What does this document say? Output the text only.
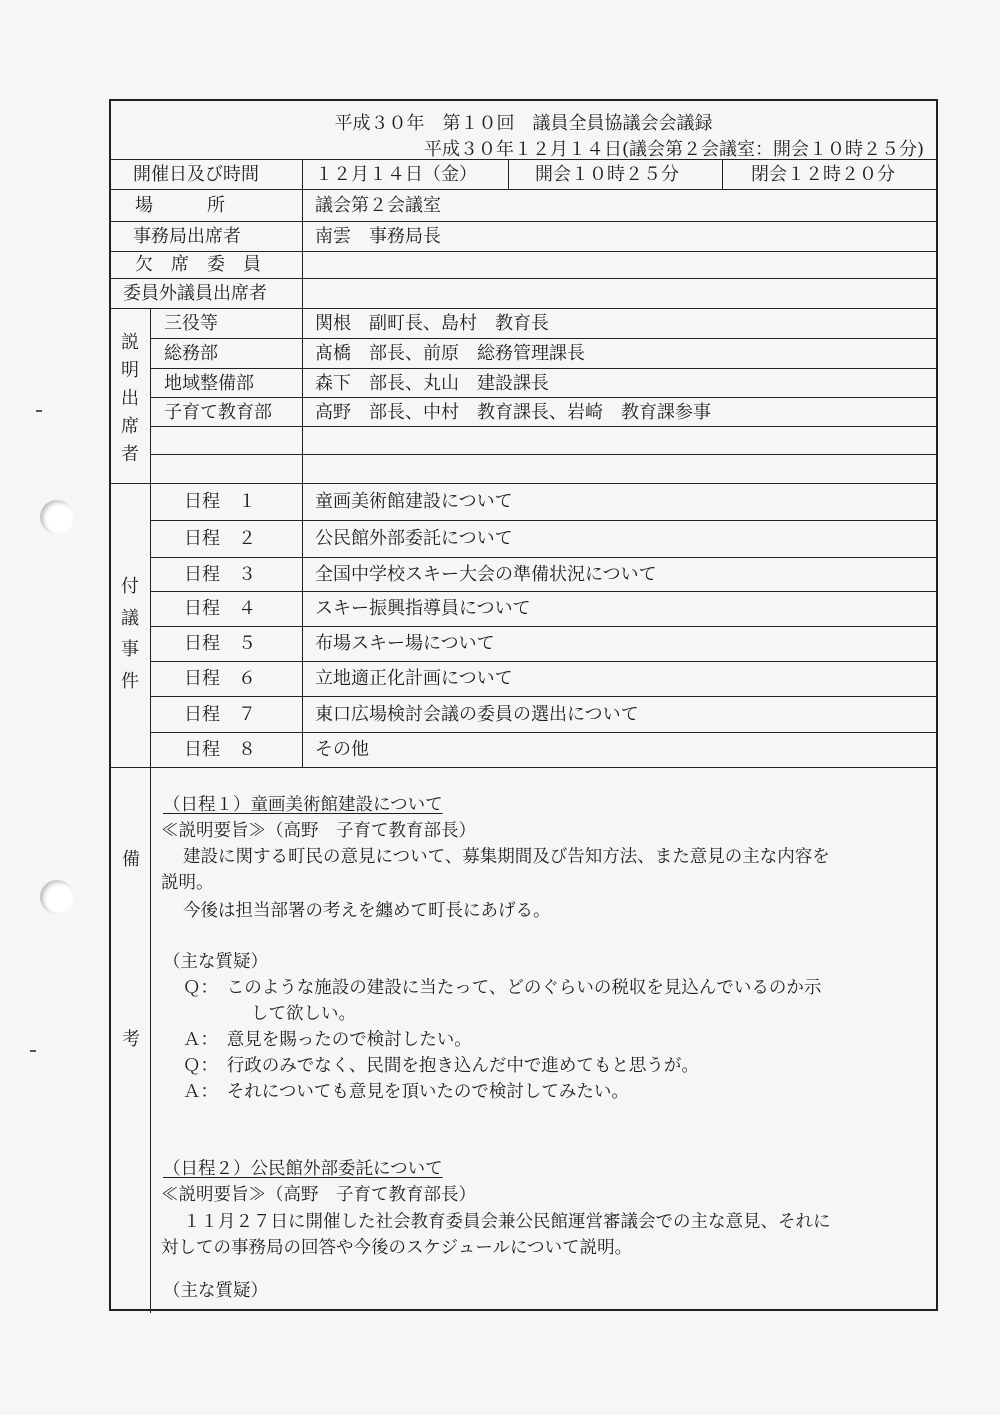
平成３０年　第１０回　議員全員協議会会議録
平成３０年１２月１４日(議会第２会議室：開会１０時２５分)
開催日及び時間	１２月１４日（金）	開会１０時２５分	閉会１２時２０分
場　　　所	議会第２会議室
事務局出席者	南雲　事務局長
欠　席　委　員
委員外議員出席者
説
明
出
席
者
三役等	関根　副町長、島村　教育長
総務部	髙橋　部長、前原　総務管理課長
地域整備部	森下　部長、丸山　建設課長
子育て教育部 高野　部長、中村　教育課長、岩崎　教育課参事
付
議
事
件
日程　１	童画美術館建設について
日程　２	公民館外部委託について
日程　３	全国中学校スキー大会の準備状況について
日程　４	スキー振興指導員について
日程　５	布場スキー場について
日程　６	立地適正化計画について
日程　７	東口広場検討会議の委員の選出について
日程　８	その他
備
考
（日程１）童画美術館建設について
≪説明要旨≫（高野　子育て教育部長）
建設に関する町民の意見について、募集期間及び告知方法、また意見の主な内容を
説明。
今後は担当部署の考えを纏めて町長にあげる。
（主な質疑）
Ｑ：　このような施設の建設に当たって、どのぐらいの税収を見込んでいるのか示
して欲しい。
Ａ：　意見を賜ったので検討したい。
Ｑ：　行政のみでなく、民間を抱き込んだ中で進めてもと思うが。
Ａ：　それについても意見を頂いたので検討してみたい。
（日程２）公民館外部委託について
≪説明要旨≫（高野　子育て教育部長）
１１月２７日に開催した社会教育委員会兼公民館運営審議会での主な意見、それに
対しての事務局の回答や今後のスケジュールについて説明。
（主な質疑）
